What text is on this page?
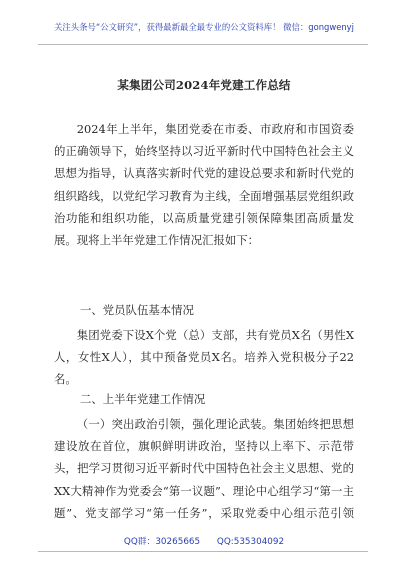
关注头条号“公文研究”，获得最新最全最专业的公文资料库！ 微信：gongwenyj
某集团公司2024年党建工作总结

2024年上半年，集团党委在市委、市政府和市国资委的正确领导下，始终坚持以习近平新时代中国特色社会主义思想为指导，认真落实新时代党的建设总要求和新时代党的组织路线，以党纪学习教育为主线，全面增强基层党组织政治功能和组织功能，以高质量党建引领保障集团高质量发展。现将上半年党建工作情况汇报如下：

一、党员队伍基本情况

集团党委下设X个党（总）支部，共有党员X名（男性X人，女性X人），其中预备党员X名。培养入党积极分子22名。

二、上半年党建工作情况

（一）突出政治引领，强化理论武装。集团始终把思想建设放在首位，旗帜鲜明讲政治，坚持以上率下、示范带头，把学习贯彻习近平新时代中国特色社会主义思想、党的XX大精神作为党委会“第一议题”、理论中心组学习“第一主题”、党支部学习“第一任务”，采取党委中心组示范引领

QQ群：30265665 QQ:535304092
